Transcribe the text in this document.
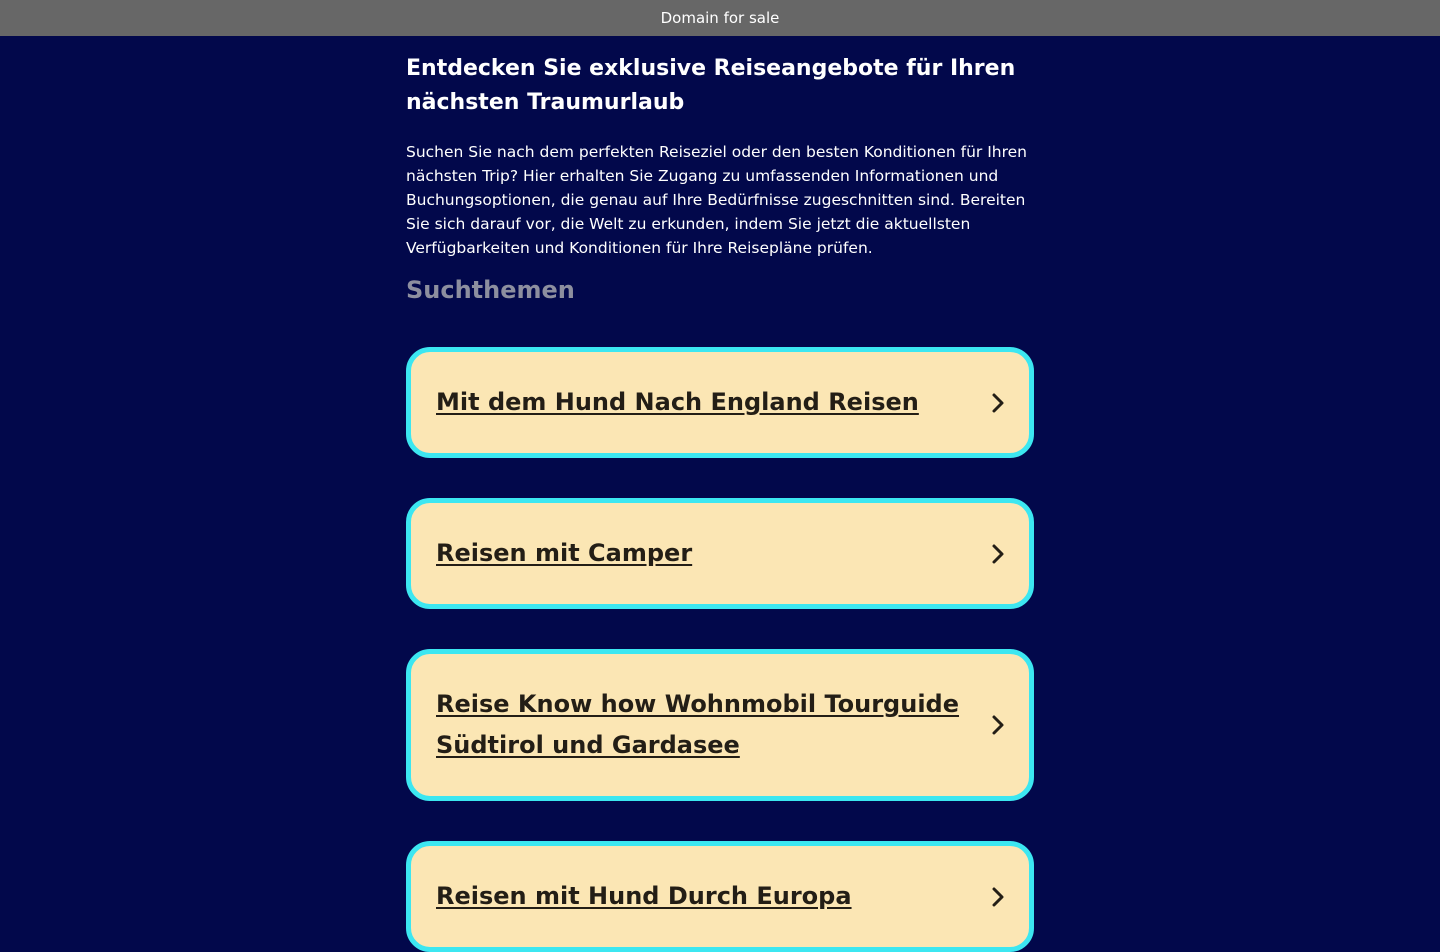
Domain for sale
Entdecken Sie exklusive Reiseangebote für Ihren nächsten Traumurlaub

Suchen Sie nach dem perfekten Reiseziel oder den besten Konditionen für Ihren nächsten Trip? Hier erhalten Sie Zugang zu umfassenden Informationen und Buchungsoptionen, die genau auf Ihre Bedürfnisse zugeschnitten sind. Bereiten Sie sich darauf vor, die Welt zu erkunden, indem Sie jetzt die aktuellsten Verfügbarkeiten und Konditionen für Ihre Reisepläne prüfen.

Suchthemen
Mit dem Hund Nach England Reisen
Reisen mit Camper
Reise Know how Wohnmobil Tourguide Südtirol und Gardasee
Reisen mit Hund Durch Europa
